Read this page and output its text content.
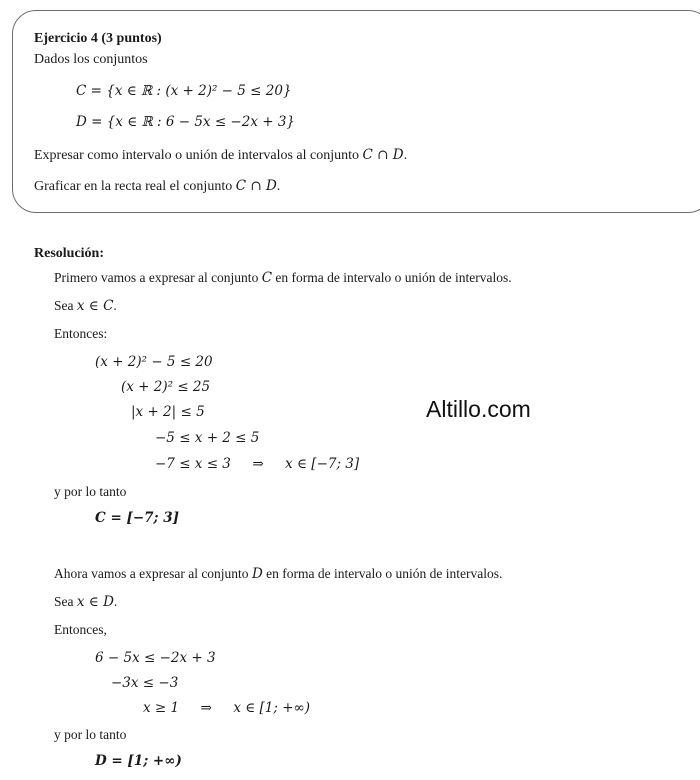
Ejercicio 4 (3 puntos)
Dados los conjuntos
C = {x ∈ ℝ : (x + 2)² − 5 ≤ 20}
D = {x ∈ ℝ : 6 − 5x ≤ −2x + 3}
Expresar como intervalo o unión de intervalos al conjunto C ∩ D.
Graficar en la recta real el conjunto C ∩ D.
Resolución:
Primero vamos a expresar al conjunto C en forma de intervalo o unión de intervalos.
Sea x ∈ C.
Entonces:
(x + 2)² − 5 ≤ 20
(x + 2)² ≤ 25
|x + 2| ≤ 5
−5 ≤ x + 2 ≤ 5
−7 ≤ x ≤ 3     ⇒     x ∈ [−7; 3]
y por lo tanto
C = [−7; 3]
Altillo.com
Ahora vamos a expresar al conjunto D en forma de intervalo o unión de intervalos.
Sea x ∈ D.
Entonces,
6 − 5x ≤ −2x + 3
−3x ≤ −3
x ≥ 1     ⇒     x ∈ [1; +∞)
y por lo tanto
D = [1; +∞)
